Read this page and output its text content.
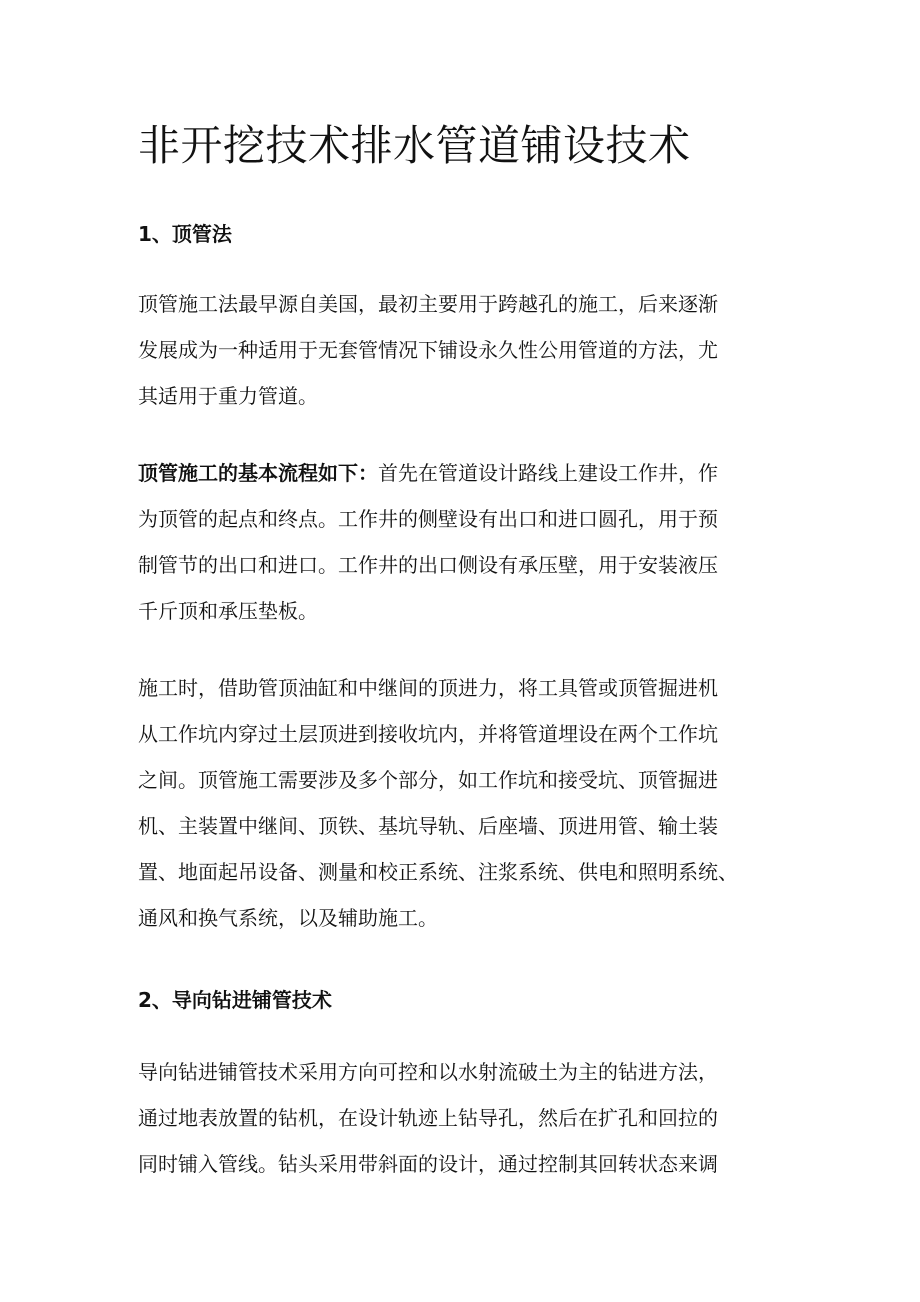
非开挖技术排水管道铺设技术
1、顶管法

顶管施工法最早源自美国，最初主要用于跨越孔的施工，后来逐渐
发展成为一种适用于无套管情况下铺设永久性公用管道的方法，尤
其适用于重力管道。

顶管施工的基本流程如下：首先在管道设计路线上建设工作井，作
为顶管的起点和终点。工作井的侧壁设有出口和进口圆孔，用于预
制管节的出口和进口。工作井的出口侧设有承压壁，用于安装液压
千斤顶和承压垫板。

施工时，借助管顶油缸和中继间的顶进力，将工具管或顶管掘进机
从工作坑内穿过土层顶进到接收坑内，并将管道埋设在两个工作坑
之间。顶管施工需要涉及多个部分，如工作坑和接受坑、顶管掘进
机、主装置中继间、顶铁、基坑导轨、后座墙、顶进用管、输土装
置、地面起吊设备、测量和校正系统、注浆系统、供电和照明系统、
通风和换气系统，以及辅助施工。

2、导向钻进铺管技术

导向钻进铺管技术采用方向可控和以水射流破土为主的钻进方法，
通过地表放置的钻机，在设计轨迹上钻导孔，然后在扩孔和回拉的
同时铺入管线。钻头采用带斜面的设计，通过控制其回转状态来调
